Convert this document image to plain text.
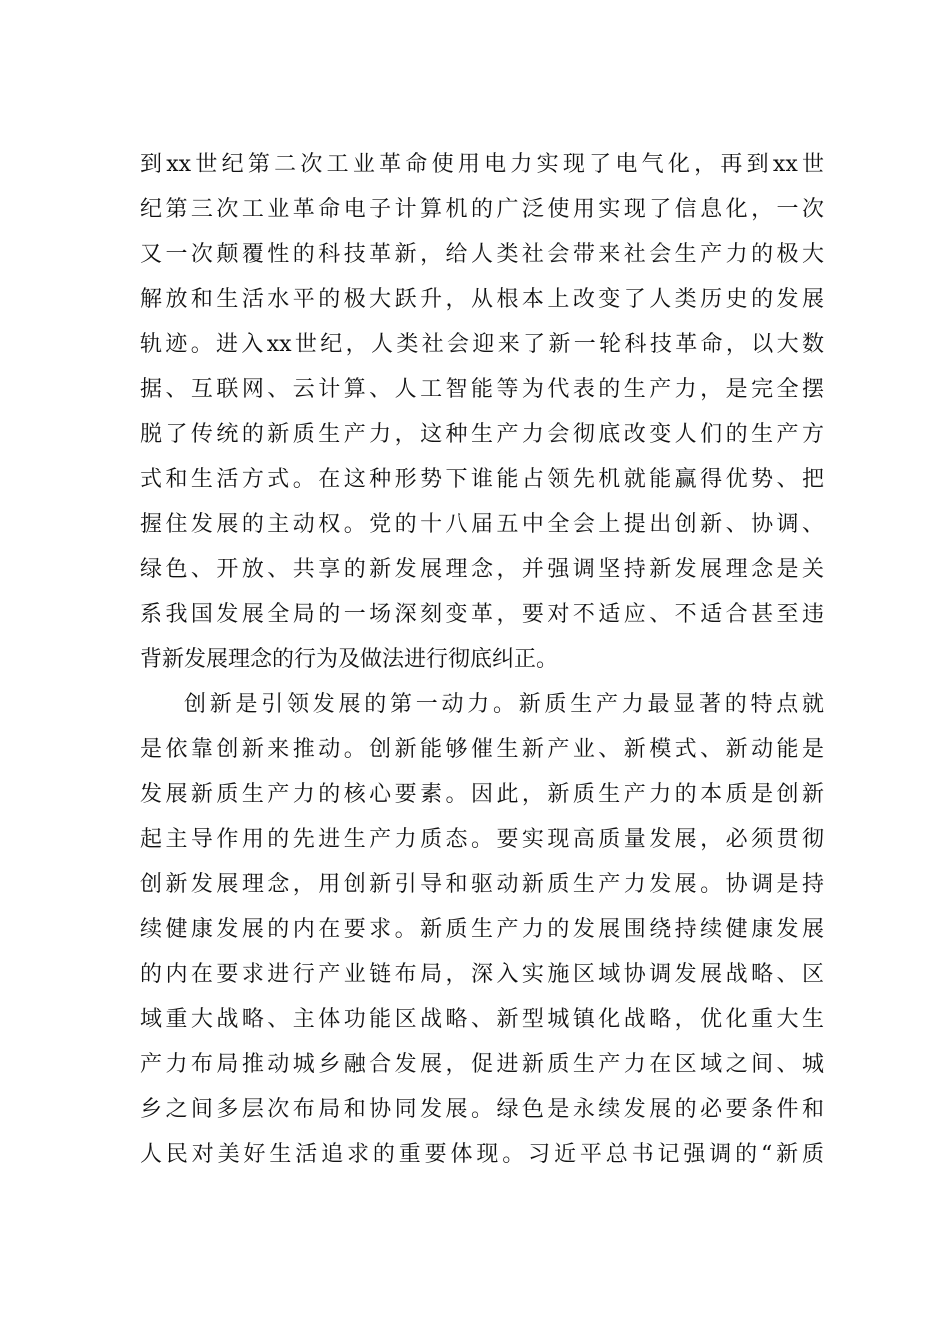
到xx世纪第二次工业革命使用电力实现了电气化，再到xx世
纪第三次工业革命电子计算机的广泛使用实现了信息化，一次
又一次颠覆性的科技革新，给人类社会带来社会生产力的极大
解放和生活水平的极大跃升，从根本上改变了人类历史的发展
轨迹。进入xx世纪，人类社会迎来了新一轮科技革命，以大数
据、互联网、云计算、人工智能等为代表的生产力，是完全摆
脱了传统的新质生产力，这种生产力会彻底改变人们的生产方
式和生活方式。在这种形势下谁能占领先机就能赢得优势、把
握住发展的主动权。党的十八届五中全会上提出创新、协调、
绿色、开放、共享的新发展理念，并强调坚持新发展理念是关
系我国发展全局的一场深刻变革，要对不适应、不适合甚至违
背新发展理念的行为及做法进行彻底纠正。
创新是引领发展的第一动力。新质生产力最显著的特点就
是依靠创新来推动。创新能够催生新产业、新模式、新动能是
发展新质生产力的核心要素。因此，新质生产力的本质是创新
起主导作用的先进生产力质态。要实现高质量发展，必须贯彻
创新发展理念，用创新引导和驱动新质生产力发展。协调是持
续健康发展的内在要求。新质生产力的发展围绕持续健康发展
的内在要求进行产业链布局，深入实施区域协调发展战略、区
域重大战略、主体功能区战略、新型城镇化战略，优化重大生
产力布局推动城乡融合发展，促进新质生产力在区域之间、城
乡之间多层次布局和协同发展。绿色是永续发展的必要条件和
人民对美好生活追求的重要体现。习近平总书记强调的“新质
